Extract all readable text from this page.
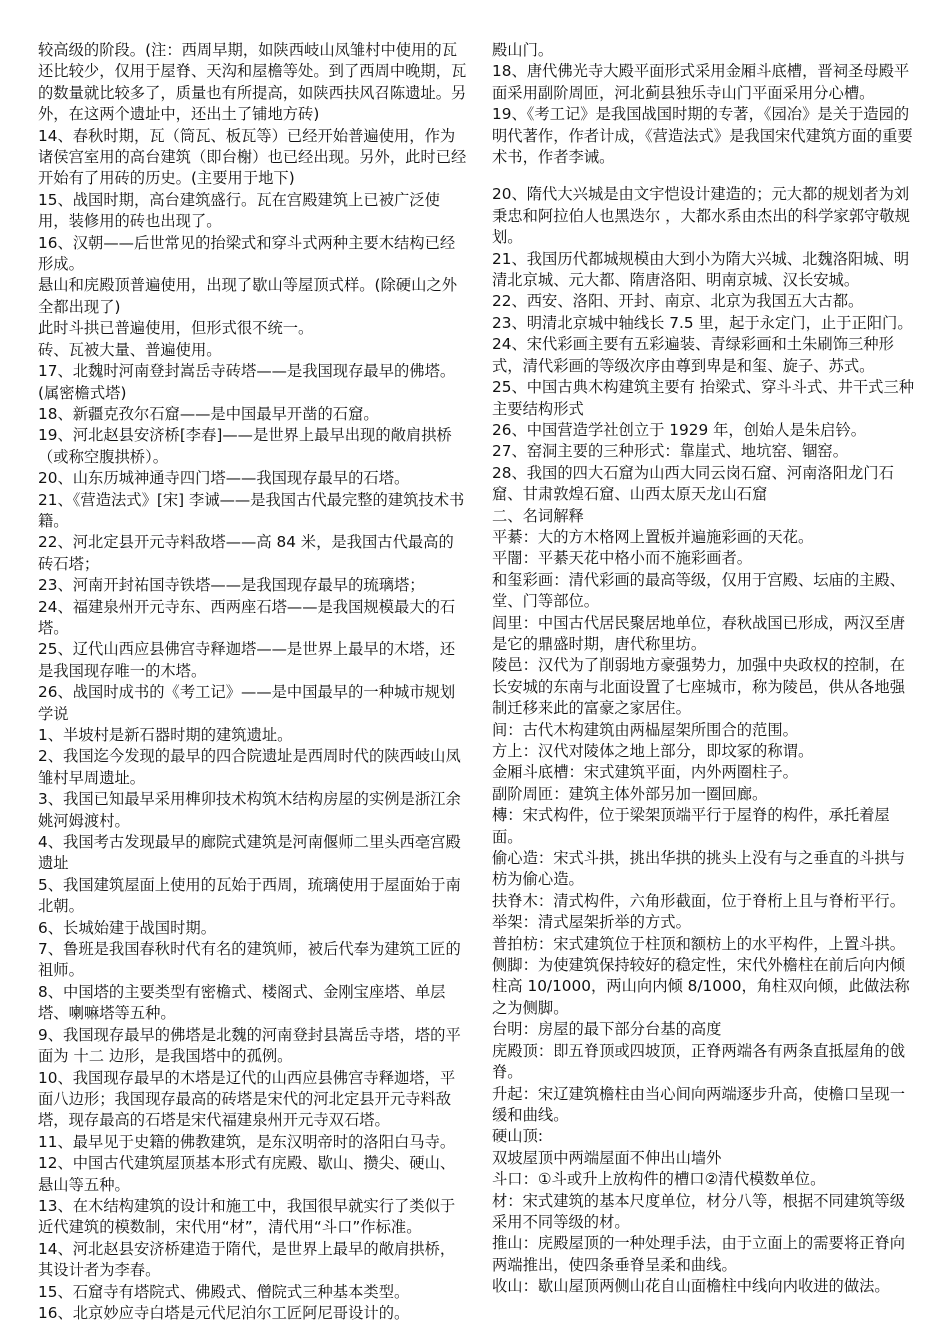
较高级的阶段。(注：西周早期，如陕西岐山凤雏村中使用的瓦还比较少，仅用于屋脊、天沟和屋檐等处。到了西周中晚期，瓦的数量就比较多了，质量也有所提高，如陕西扶风召陈遗址。另外，在这两个遗址中，还出土了铺地方砖)

14、春秋时期，瓦（筒瓦、板瓦等）已经开始普遍使用，作为诸侯宫室用的高台建筑（即台榭）也已经出现。另外，此时已经开始有了用砖的历史。(主要用于地下)

15、战国时期，高台建筑盛行。瓦在宫殿建筑上已被广泛使用，装修用的砖也出现了。

16、汉朝——后世常见的抬梁式和穿斗式两种主要木结构已经形成。

悬山和庑殿顶普遍使用，出现了歇山等屋顶式样。(除硬山之外全都出现了)

此时斗拱已普遍使用，但形式很不统一。

砖、瓦被大量、普遍使用。

17、北魏时河南登封嵩岳寺砖塔——是我国现存最早的佛塔。(属密檐式塔)

18、新疆克孜尔石窟——是中国最早开凿的石窟。

19、河北赵县安济桥[李春]——是世界上最早出现的敞肩拱桥（或称空腹拱桥）。

20、山东历城神通寺四门塔——我国现存最早的石塔。

21、《营造法式》[宋] 李诫——是我国古代最完整的建筑技术书籍。

22、河北定县开元寺料敌塔——高 84 米，是我国古代最高的砖石塔；

23、河南开封祐国寺铁塔——是我国现存最早的琉璃塔；

24、福建泉州开元寺东、西两座石塔——是我国规模最大的石塔。

25、辽代山西应县佛宫寺释迦塔——是世界上最早的木塔，还是我国现存唯一的木塔。

26、战国时成书的《考工记》——是中国最早的一种城市规划学说

1、半坡村是新石器时期的建筑遗址。

2、我国迄今发现的最早的四合院遗址是西周时代的陕西岐山凤雏村早周遗址。

3、我国已知最早采用榫卯技术构筑木结构房屋的实例是浙江余姚河姆渡村。

4、我国考古发现最早的廊院式建筑是河南偃师二里头西亳宫殿遗址

5、我国建筑屋面上使用的瓦始于西周，琉璃使用于屋面始于南北朝。

6、长城始建于战国时期。

7、鲁班是我国春秋时代有名的建筑师，被后代奉为建筑工匠的祖师。

8、中国塔的主要类型有密檐式、楼阁式、金刚宝座塔、单层塔、喇嘛塔等五种。

9、我国现存最早的佛塔是北魏的河南登封县嵩岳寺塔，塔的平面为 十二 边形，是我国塔中的孤例。

10、我国现存最早的木塔是辽代的山西应县佛宫寺释迦塔，平面八边形；我国现存最高的砖塔是宋代的河北定县开元寺料敌塔，现存最高的石塔是宋代福建泉州开元寺双石塔。

11、最早见于史籍的佛教建筑，是东汉明帝时的洛阳白马寺。

12、中国古代建筑屋顶基本形式有庑殿、歇山、攒尖、硬山、悬山等五种。

13、在木结构建筑的设计和施工中，我国很早就实行了类似于近代建筑的模数制，宋代用“材”，清代用“斗口”作标准。

14、河北赵县安济桥建造于隋代，是世界上最早的敞肩拱桥，其设计者为李春。

15、石窟寺有塔院式、佛殿式、僧院式三种基本类型。

16、北京妙应寺白塔是元代尼泊尔工匠阿尼哥设计的。

殿山门。

18、唐代佛光寺大殿平面形式采用金厢斗底槽，晋祠圣母殿平面采用副阶周匝，河北蓟县独乐寺山门平面采用分心槽。

19、《考工记》是我国战国时期的专著，《园冶》是关于造园的明代著作，作者计成，《营造法式》是我国宋代建筑方面的重要术书，作者李诫。

20、隋代大兴城是由文宇恺设计建造的；元大都的规划者为刘秉忠和阿拉伯人也黑迭尔 ，大都水系由杰出的科学家郭守敬规划。

21、我国历代都城规模由大到小为隋大兴城、北魏洛阳城、明清北京城、元大都、隋唐洛阳、明南京城、汉长安城。

22、西安、洛阳、开封、南京、北京为我国五大古都。

23、明清北京城中轴线长 7.5 里，起于永定门，止于正阳门。

24、宋代彩画主要有五彩遍装、青绿彩画和土朱刷饰三种形式，清代彩画的等级次序由尊到卑是和玺、旋子、苏式。

25、中国古典木构建筑主要有 抬梁式、穿斗斗式、井干式三种主要结构形式

26、中国营造学社创立于 1929 年，创始人是朱启钤。

27、窑洞主要的三种形式：靠崖式、地坑窑、锢窑。

28、我国的四大石窟为山西大同云岗石窟、河南洛阳龙门石窟、甘肃敦煌石窟、山西太原天龙山石窟

二、名词解释

平綦：大的方木格网上置板并遍施彩画的天花。

平闇：平綦天花中格小而不施彩画者。

和玺彩画：清代彩画的最高等级，仅用于宫殿、坛庙的主殿、堂、门等部位。

闾里：中国古代居民聚居地单位，春秋战国已形成，两汉至唐是它的鼎盛时期，唐代称里坊。

陵邑：汉代为了削弱地方豪强势力，加强中央政权的控制，在长安城的东南与北面设置了七座城市，称为陵邑，供从各地强制迁移来此的富豪之家居住。

间：古代木构建筑由两榀屋架所围合的范围。

方上：汉代对陵体之地上部分，即坟冢的称谓。

金厢斗底槽：宋式建筑平面，内外两圈柱子。

副阶周匝：建筑主体外部另加一圈回廊。

槫：宋式构件，位于梁架顶端平行于屋脊的构件，承托着屋面。

偷心造：宋式斗拱，挑出华拱的挑头上没有与之垂直的斗拱与枋为偷心造。

扶脊木：清式构件，六角形截面，位于脊桁上且与脊桁平行。

举架：清式屋架折举的方式。

普拍枋：宋式建筑位于柱顶和额枋上的水平构件，上置斗拱。

侧脚：为使建筑保持较好的稳定性，宋代外檐柱在前后向内倾柱高 10/1000，两山向内倾 8/1000，角柱双向倾，此做法称之为侧脚。

台明：房屋的最下部分台基的高度

庑殿顶：即五脊顶或四坡顶，正脊两端各有两条直抵屋角的戗脊。

升起：宋辽建筑檐柱由当心间向两端逐步升高，使檐口呈现一缓和曲线。

硬山顶:

双坡屋顶中两端屋面不伸出山墙外

斗口：①斗或升上放构件的槽口②清代模数单位。

材：宋式建筑的基本尺度单位，材分八等，根据不同建筑等级采用不同等级的材。

推山：庑殿屋顶的一种处理手法，由于立面上的需要将正脊向两端推出，使四条垂脊呈柔和曲线。

收山：歇山屋顶两侧山花自山面檐柱中线向内收进的做法。
